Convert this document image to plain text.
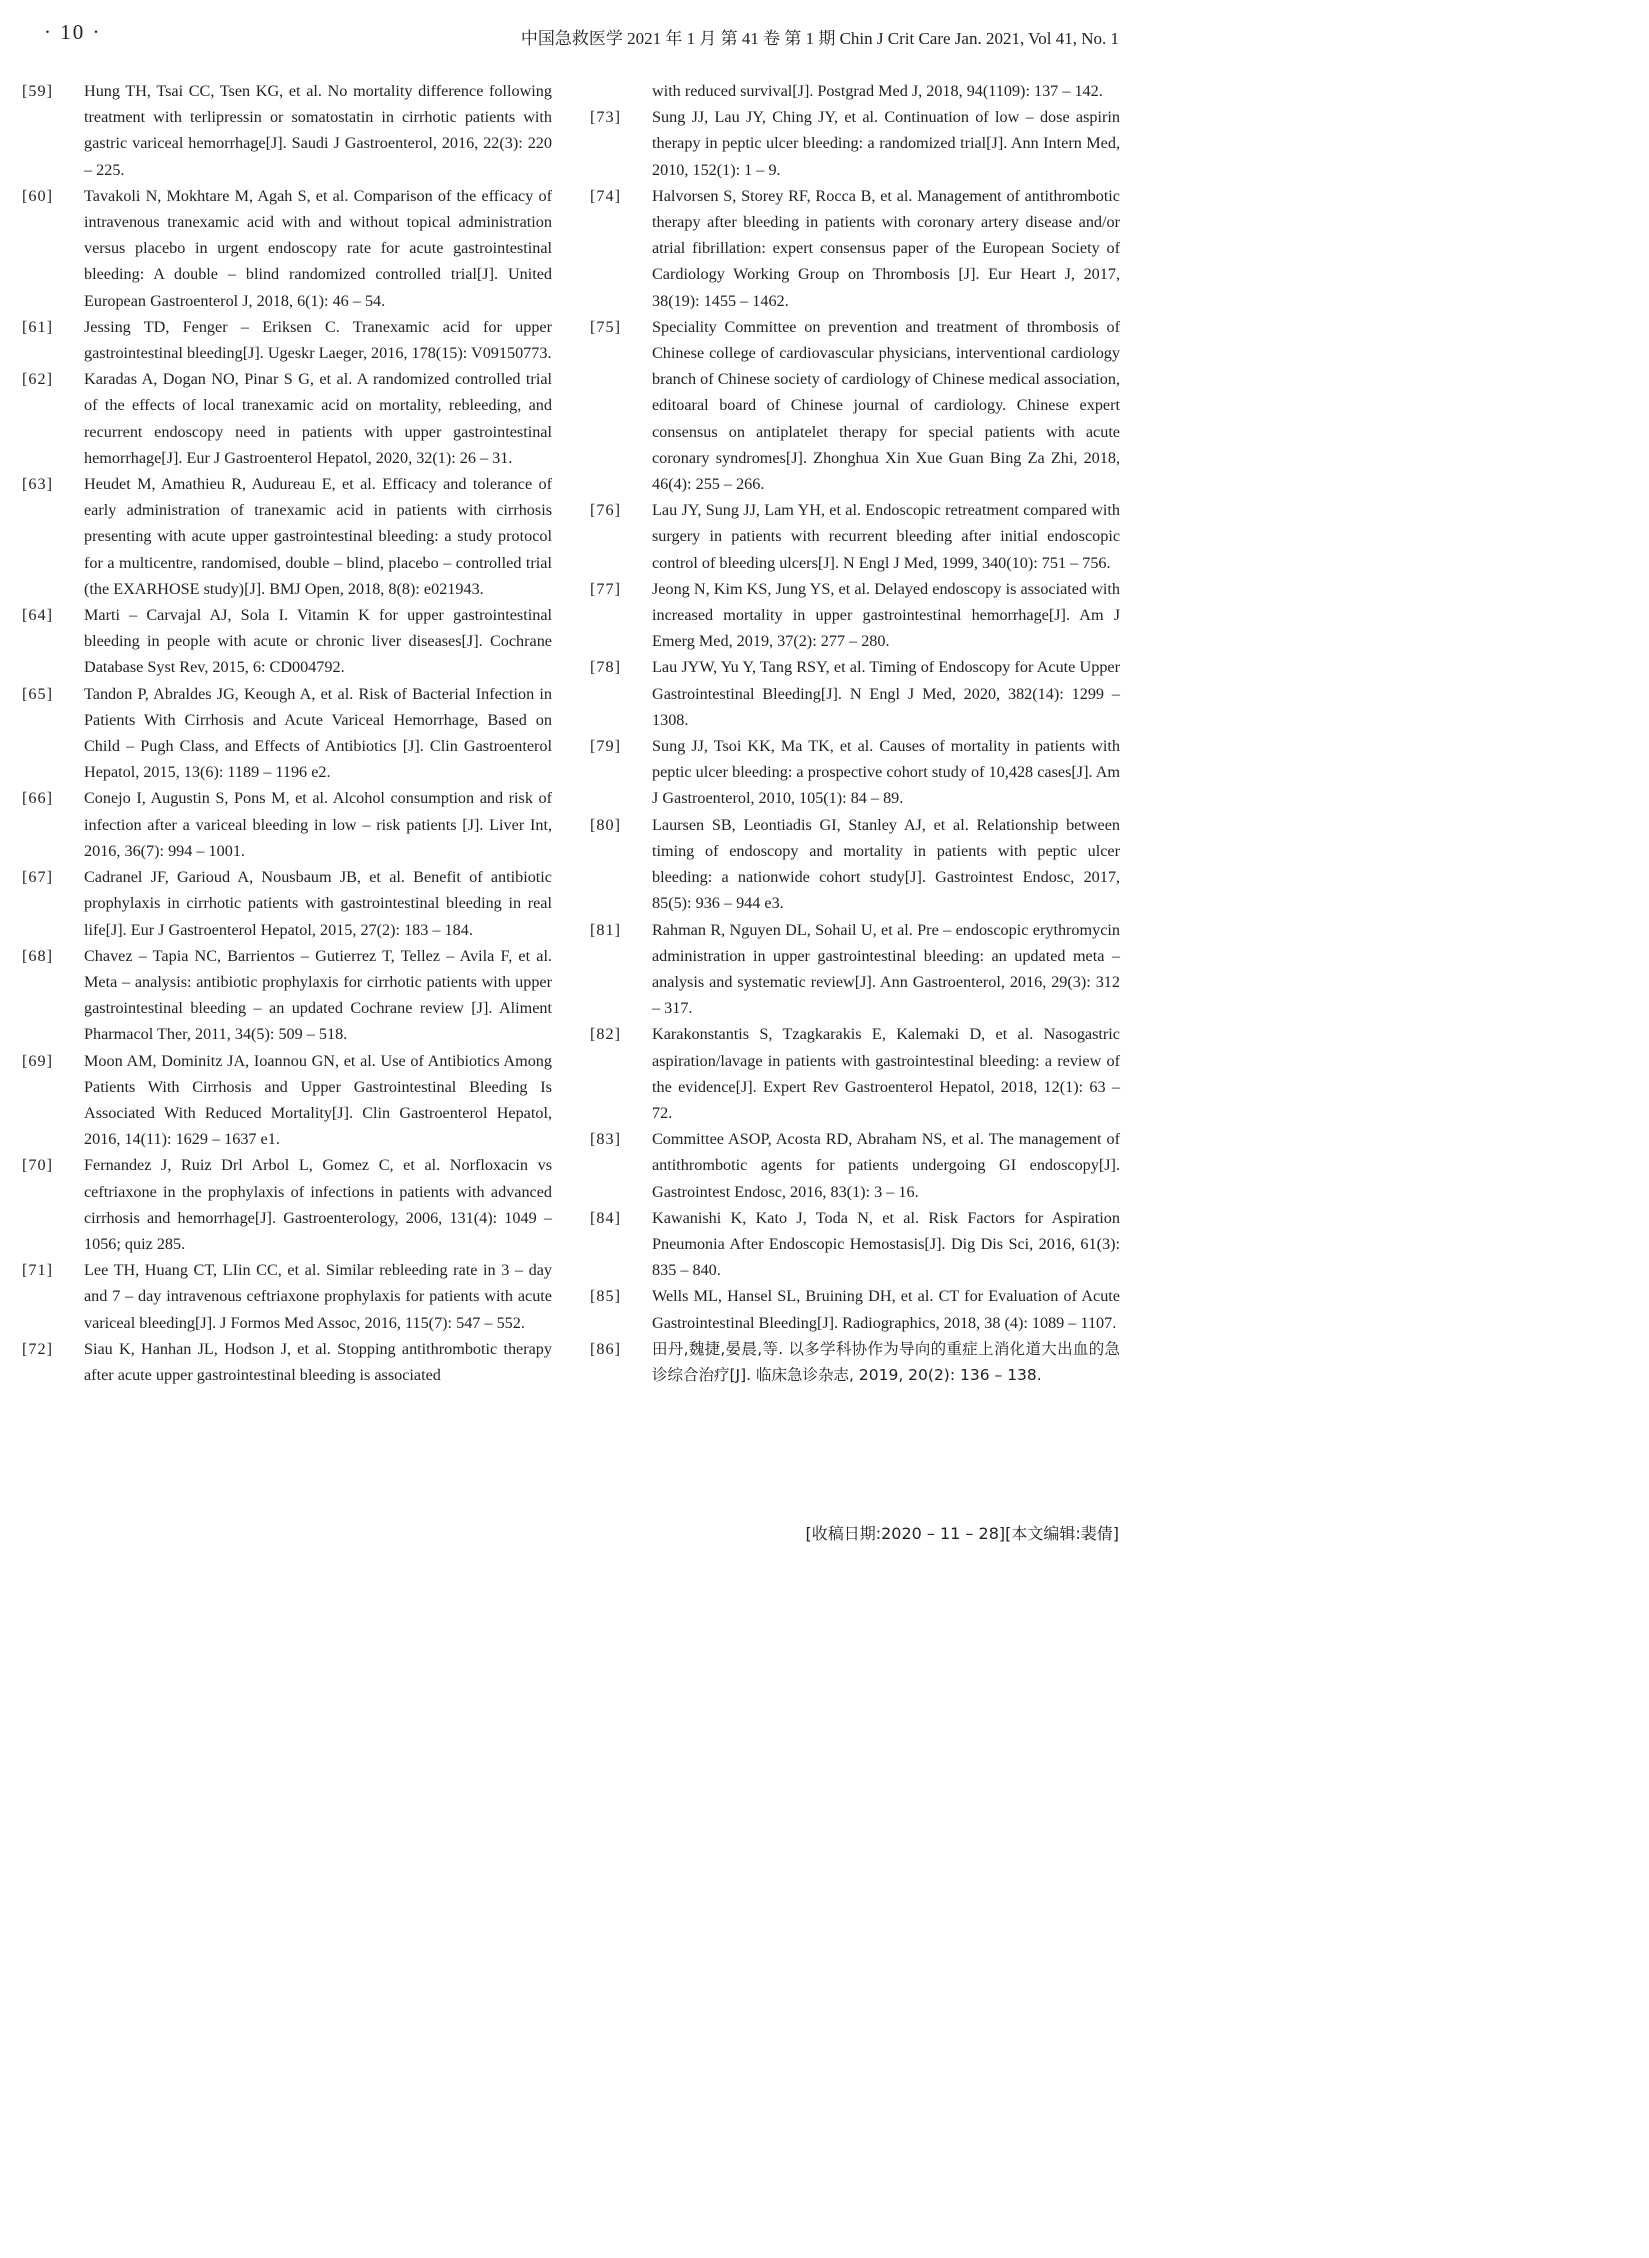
· 10 ·	中国急救医学 2021 年 1 月 第 41 卷 第 1 期 Chin J Crit Care Jan. 2021, Vol 41, No. 1
[59]	Hung TH, Tsai CC, Tsen KG, et al. No mortality difference following treatment with terlipressin or somatostatin in cirrhotic patients with gastric variceal hemorrhage[J]. Saudi J Gastroenterol, 2016, 22(3): 220 – 225.
[60]	Tavakoli N, Mokhtare M, Agah S, et al. Comparison of the efficacy of intravenous tranexamic acid with and without topical administration versus placebo in urgent endoscopy rate for acute gastrointestinal bleeding: A double – blind randomized controlled trial[J]. United European Gastroenterol J, 2018, 6(1): 46 – 54.
[61]	Jessing TD, Fenger – Eriksen C. Tranexamic acid for upper gastrointestinal bleeding[J]. Ugeskr Laeger, 2016, 178(15): V09150773.
[62]	Karadas A, Dogan NO, Pinar S G, et al. A randomized controlled trial of the effects of local tranexamic acid on mortality, rebleeding, and recurrent endoscopy need in patients with upper gastrointestinal hemorrhage[J]. Eur J Gastroenterol Hepatol, 2020, 32(1): 26 – 31.
[63]	Heudet M, Amathieu R, Audureau E, et al. Efficacy and tolerance of early administration of tranexamic acid in patients with cirrhosis presenting with acute upper gastrointestinal bleeding: a study protocol for a multicentre, randomised, double – blind, placebo – controlled trial (the EXARHOSE study)[J]. BMJ Open, 2018, 8(8): e021943.
[64]	Marti – Carvajal AJ, Sola I. Vitamin K for upper gastrointestinal bleeding in people with acute or chronic liver diseases[J]. Cochrane Database Syst Rev, 2015, 6: CD004792.
[65]	Tandon P, Abraldes JG, Keough A, et al. Risk of Bacterial Infection in Patients With Cirrhosis and Acute Variceal Hemorrhage, Based on Child – Pugh Class, and Effects of Antibiotics [J]. Clin Gastroenterol Hepatol, 2015, 13(6): 1189 – 1196 e2.
[66]	Conejo I, Augustin S, Pons M, et al. Alcohol consumption and risk of infection after a variceal bleeding in low – risk patients [J]. Liver Int, 2016, 36(7): 994 – 1001.
[67]	Cadranel JF, Garioud A, Nousbaum JB, et al. Benefit of antibiotic prophylaxis in cirrhotic patients with gastrointestinal bleeding in real life[J]. Eur J Gastroenterol Hepatol, 2015, 27(2): 183 – 184.
[68]	Chavez – Tapia NC, Barrientos – Gutierrez T, Tellez – Avila F, et al. Meta – analysis: antibiotic prophylaxis for cirrhotic patients with upper gastrointestinal bleeding – an updated Cochrane review [J]. Aliment Pharmacol Ther, 2011, 34(5): 509 – 518.
[69]	Moon AM, Dominitz JA, Ioannou GN, et al. Use of Antibiotics Among Patients With Cirrhosis and Upper Gastrointestinal Bleeding Is Associated With Reduced Mortality[J]. Clin Gastroenterol Hepatol, 2016, 14(11): 1629 – 1637 e1.
[70]	Fernandez J, Ruiz Drl Arbol L, Gomez C, et al. Norfloxacin vs ceftriaxone in the prophylaxis of infections in patients with advanced cirrhosis and hemorrhage[J]. Gastroenterology, 2006, 131(4): 1049 – 1056; quiz 285.
[71]	Lee TH, Huang CT, LIin CC, et al. Similar rebleeding rate in 3 – day and 7 – day intravenous ceftriaxone prophylaxis for patients with acute variceal bleeding[J]. J Formos Med Assoc, 2016, 115(7): 547 – 552.
[72]	Siau K, Hanhan JL, Hodson J, et al. Stopping antithrombotic therapy after acute upper gastrointestinal bleeding is associated
with reduced survival[J]. Postgrad Med J, 2018, 94(1109): 137 – 142.
[73]	Sung JJ, Lau JY, Ching JY, et al. Continuation of low – dose aspirin therapy in peptic ulcer bleeding: a randomized trial[J]. Ann Intern Med, 2010, 152(1): 1 – 9.
[74]	Halvorsen S, Storey RF, Rocca B, et al. Management of antithrombotic therapy after bleeding in patients with coronary artery disease and/or atrial fibrillation: expert consensus paper of the European Society of Cardiology Working Group on Thrombosis [J]. Eur Heart J, 2017, 38(19): 1455 – 1462.
[75]	Speciality Committee on prevention and treatment of thrombosis of Chinese college of cardiovascular physicians, interventional cardiology branch of Chinese society of cardiology of Chinese medical association, editoaral board of Chinese journal of cardiology. Chinese expert consensus on antiplatelet therapy for special patients with acute coronary syndromes[J]. Zhonghua Xin Xue Guan Bing Za Zhi, 2018, 46(4): 255 – 266.
[76]	Lau JY, Sung JJ, Lam YH, et al. Endoscopic retreatment compared with surgery in patients with recurrent bleeding after initial endoscopic control of bleeding ulcers[J]. N Engl J Med, 1999, 340(10): 751 – 756.
[77]	Jeong N, Kim KS, Jung YS, et al. Delayed endoscopy is associated with increased mortality in upper gastrointestinal hemorrhage[J]. Am J Emerg Med, 2019, 37(2): 277 – 280.
[78]	Lau JYW, Yu Y, Tang RSY, et al. Timing of Endoscopy for Acute Upper Gastrointestinal Bleeding[J]. N Engl J Med, 2020, 382(14): 1299 – 1308.
[79]	Sung JJ, Tsoi KK, Ma TK, et al. Causes of mortality in patients with peptic ulcer bleeding: a prospective cohort study of 10,428 cases[J]. Am J Gastroenterol, 2010, 105(1): 84 – 89.
[80]	Laursen SB, Leontiadis GI, Stanley AJ, et al. Relationship between timing of endoscopy and mortality in patients with peptic ulcer bleeding: a nationwide cohort study[J]. Gastrointest Endosc, 2017, 85(5): 936 – 944 e3.
[81]	Rahman R, Nguyen DL, Sohail U, et al. Pre – endoscopic erythromycin administration in upper gastrointestinal bleeding: an updated meta – analysis and systematic review[J]. Ann Gastroenterol, 2016, 29(3): 312 – 317.
[82]	Karakonstantis S, Tzagkarakis E, Kalemaki D, et al. Nasogastric aspiration/lavage in patients with gastrointestinal bleeding: a review of the evidence[J]. Expert Rev Gastroenterol Hepatol, 2018, 12(1): 63 – 72.
[83]	Committee ASOP, Acosta RD, Abraham NS, et al. The management of antithrombotic agents for patients undergoing GI endoscopy[J]. Gastrointest Endosc, 2016, 83(1): 3 – 16.
[84]	Kawanishi K, Kato J, Toda N, et al. Risk Factors for Aspiration Pneumonia After Endoscopic Hemostasis[J]. Dig Dis Sci, 2016, 61(3): 835 – 840.
[85]	Wells ML, Hansel SL, Bruining DH, et al. CT for Evaluation of Acute Gastrointestinal Bleeding[J]. Radiographics, 2018, 38 (4): 1089 – 1107.
[86]	田丹,魏捷,晏晨,等. 以多学科协作为导向的重症上消化道大出血的急诊综合治疗[J]. 临床急诊杂志, 2019, 20(2): 136 – 138.
[收稿日期:2020 – 11 – 28][本文编辑:裴倩]
